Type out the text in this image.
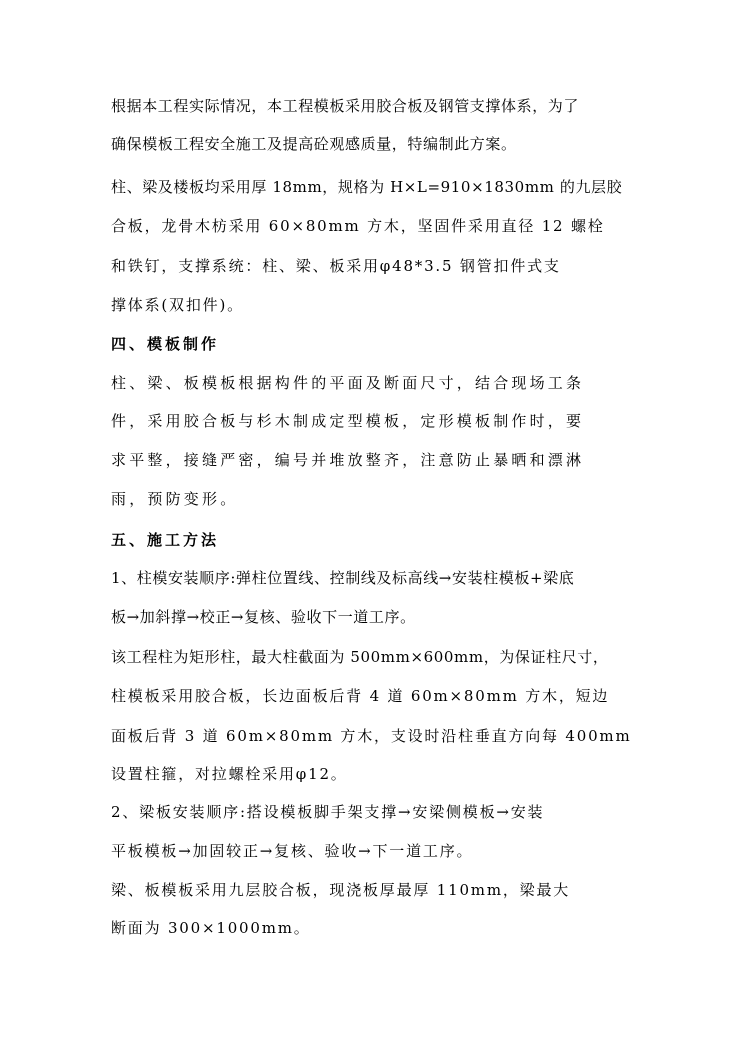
根据本工程实际情况，本工程模板采用胶合板及钢管支撑体系，为了
确保模板工程安全施工及提高砼观感质量，特编制此方案。
柱、梁及楼板均采用厚 18mm，规格为 H×L=910×1830mm 的九层胶
合板，龙骨木枋采用 60×80mm 方木，坚固件采用直径 12 螺栓
和铁钉，支撑系统：柱、梁、板采用φ48*3.5 钢管扣件式支
撑体系(双扣件)。
四、模板制作
柱、梁、板模板根据构件的平面及断面尺寸，结合现场工条
件，采用胶合板与杉木制成定型模板，定形模板制作时，要
求平整，接缝严密，编号并堆放整齐，注意防止暴晒和漂淋
雨，预防变形。
五、施工方法
1、柱模安装顺序:弹柱位置线、控制线及标高线→安装柱模板+梁底
板→加斜撑→校正→复核、验收下一道工序。
该工程柱为矩形柱，最大柱截面为 500mm×600mm，为保证柱尺寸，
柱模板采用胶合板，长边面板后背 4 道 60m×80mm 方木，短边
面板后背 3 道 60m×80mm 方木，支设时沿柱垂直方向每 400mm
设置柱箍，对拉螺栓采用φ12。
2、梁板安装顺序:搭设模板脚手架支撑→安梁侧模板→安装
平板模板→加固较正→复核、验收→下一道工序。
梁、板模板采用九层胶合板，现浇板厚最厚 110mm，梁最大
断面为 300×1000mm。
